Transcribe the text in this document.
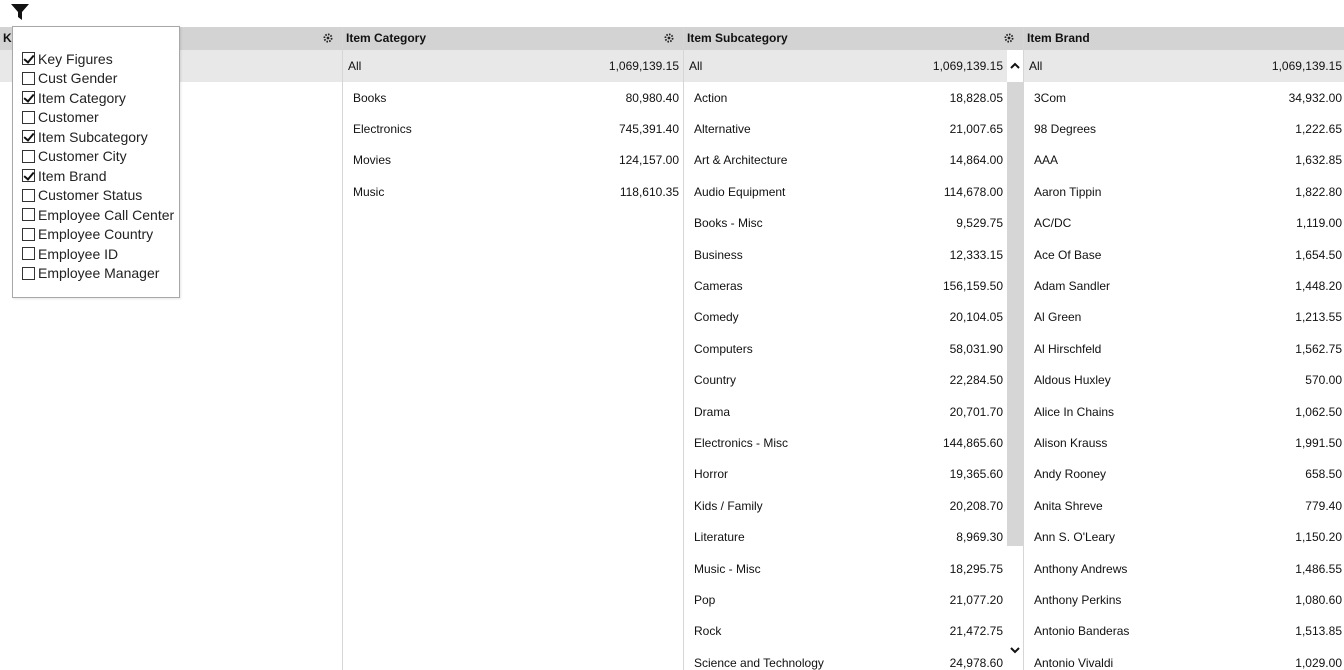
K	Item Category
All	1,069,139.15
Books	80,980.40
Electronics	745,391.40
Movies	124,157.00
Music	118,610.35
Item Subcategory
All	1,069,139.15
Action	18,828.05
Alternative	21,007.65
Art & Architecture	14,864.00
Audio Equipment	114,678.00
Books - Misc	9,529.75
Business	12,333.15
Cameras	156,159.50
Comedy	20,104.05
Computers	58,031.90
Country	22,284.50
Drama	20,701.70
Electronics - Misc	144,865.60
Horror	19,365.60
Kids / Family	20,208.70
Literature	8,969.30
Music - Misc	18,295.75
Pop	21,077.20
Rock	21,472.75
Science and Technology	24,978.60
Item Brand
All	1,069,139.15
3Com	34,932.00
98 Degrees	1,222.65
AAA	1,632.85
Aaron Tippin	1,822.80
AC/DC	1,119.00
Ace Of Base	1,654.50
Adam Sandler	1,448.20
Al Green	1,213.55
Al Hirschfeld	1,562.75
Aldous Huxley	570.00
Alice In Chains	1,062.50
Alison Krauss	1,991.50
Andy Rooney	658.50
Anita Shreve	779.40
Ann S. O'Leary	1,150.20
Anthony Andrews	1,486.55
Anthony Perkins	1,080.60
Antonio Banderas	1,513.85
Antonio Vivaldi	1,029.00
Key Figures
Cust Gender
Item Category
Customer
Item Subcategory
Customer City
Item Brand
Customer Status
Employee Call Center
Employee Country
Employee ID
Employee Manager
